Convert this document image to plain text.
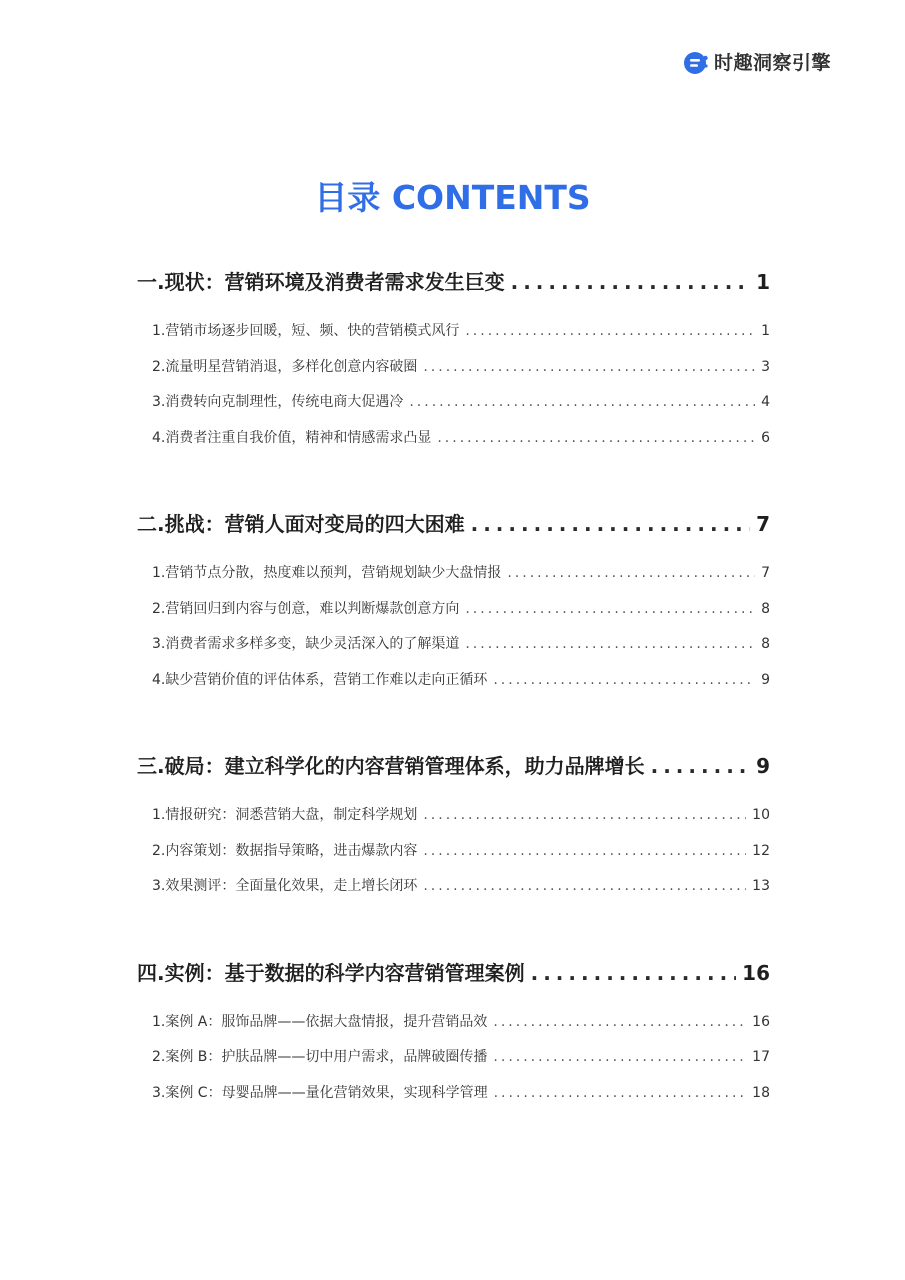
时趣洞察引擎
目录 CONTENTS
一.现状：营销环境及消费者需求发生巨变 .....	1
1.营销市场逐步回暖，短、频、快的营销模式风行 .....	1
2.流量明星营销消退，多样化创意内容破圈 .....	3
3.消费转向克制理性，传统电商大促遇冷 .....	4
4.消费者注重自我价值，精神和情感需求凸显 .....	6
二.挑战：营销人面对变局的四大困难 .....	7
1.营销节点分散，热度难以预判，营销规划缺少大盘情报 .....	7
2.营销回归到内容与创意，难以判断爆款创意方向 .....	8
3.消费者需求多样多变，缺少灵活深入的了解渠道 .....	8
4.缺少营销价值的评估体系，营销工作难以走向正循环 .....	9
三.破局：建立科学化的内容营销管理体系，助力品牌增长 .....	9
1.情报研究：洞悉营销大盘，制定科学规划 .....	10
2.内容策划：数据指导策略，进击爆款内容 .....	12
3.效果测评：全面量化效果，走上增长闭环 .....	13
四.实例：基于数据的科学内容营销管理案例 .....	16
1.案例 A：服饰品牌——依据大盘情报，提升营销品效 .....	16
2.案例 B：护肤品牌——切中用户需求，品牌破圈传播 .....	17
3.案例 C：母婴品牌——量化营销效果，实现科学管理 .....	18
